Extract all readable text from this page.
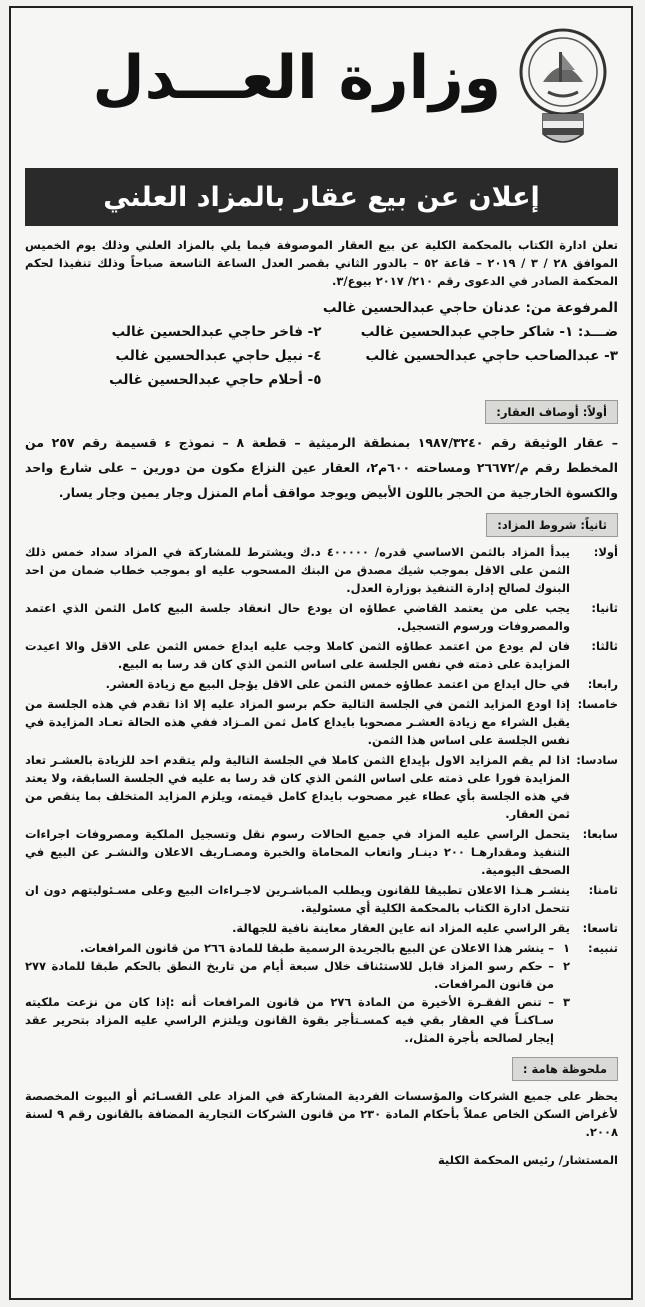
وزارة العـــدل
إعلان عن بيع عقار بالمزاد العلني

تعلن ادارة الكتاب بالمحكمة الكلية عن بيع العقار الموصوفة فيما يلي بالمزاد العلني وذلك يوم الخميس الموافق ٢٨ / ٣ / ٢٠١٩ – قاعة ٥٢ – بالدور الثاني بقصر العدل الساعة التاسعة صباحاً وذلك تنفيذا لحكم المحكمة الصادر في الدعوى رقم ٢١٠/ ٢٠١٧ بيوع/٣.

المرفوعة من: عدنان حاجي عبدالحسين غالب
ضـــد: ١- شاكر حاجي عبدالحسين غالب
٢- فاخر حاجي عبدالحسين غالب
٣- عبدالصاحب حاجي عبدالحسين غالب
٤- نبيل حاجي عبدالحسين غالب
٥- أحلام حاجي عبدالحسين غالب
أولاً: أوصاف العقار:

– عقار الوثيقة رقم ١٩٨٧/٣٢٤٠ بمنطقة الرميثية – قطعة ٨ – نموذج ء قسيمة رقم ٢٥٧ من المخطط رقم م/٢٦٦٧٢ ومساحته ٦٠٠م٢، العقار عين النزاع مكون من دورين – على شارع واحد والكسوة الخارجية من الحجر باللون الأبيض ويوجد مواقف أمام المنزل وجار يمين وجار يسار.

ثانياً: شروط المزاد:
أولا:
يبدأ المزاد بالثمن الاساسي قدره/ ٤٠٠٠٠٠ د.ك ويشترط للمشاركة في المزاد سداد خمس ذلك الثمن على الاقل بموجب شيك مصدق من البنك المسحوب عليه او بموجب خطاب ضمان من احد البنوك لصالح إدارة التنفيذ بوزارة العدل.
ثانيا:
يجب على من يعتمد القاضي عطاؤه ان يودع حال انعقاد جلسة البيع كامل الثمن الذي اعتمد والمصروفات ورسوم التسجيل.
ثالثا:
فان لم يودع من اعتمد عطاؤه الثمن كاملا وجب عليه ايداع خمس الثمن على الاقل والا اعيدت المزايدة على ذمته في نفس الجلسة على اساس الثمن الذي كان قد رسا به البيع.
رابعا:
في حال ايداع من اعتمد عطاؤه خمس الثمن على الاقل يؤجل البيع مع زيادة العشر.
خامسا:
إذا اودع المزايد الثمن في الجلسة التالية حكم برسو المزاد عليه إلا اذا تقدم في هذه الجلسة من يقبل الشراء مع زيادة العشـر مصحوبا بايداع كامل ثمن المـزاد ففي هذه الحالة تعـاد المزايدة في نفس الجلسة على اساس هذا الثمن.
سادسا:
اذا لم يقم المزايد الاول بإيداع الثمن كاملا في الجلسة التالية ولم يتقدم احد للزيادة بالعشـر تعاد المزايدة فورا على ذمته على اساس الثمن الذي كان قد رسا به عليه في الجلسة السابقة، ولا يعتد في هذه الجلسة بأي عطاء غير مصحوب بايداع كامل قيمته، ويلزم المزايد المتخلف بما ينقص من ثمن العقار.
سابعا:
يتحمل الراسي عليه المزاد في جميع الحالات رسوم نقل وتسجيل الملكية ومصروفات اجراءات التنفيذ ومقدارهـا ٢٠٠ دينـار واتعاب المحاماة والخبرة ومصـاريف الاعلان والنشـر عن البيع في الصحف اليومية.
ثامنا:
ينشـر هـذا الاعلان تطبيقا للقانون ويطلب المباشـرين لاجـراءات البيع وعلى مسـئوليتهم دون ان تتحمل ادارة الكتاب بالمحكمة الكلية أي مسئولية.
تاسعا:
يقر الراسي عليه المزاد انه عاين العقار معاينة نافية للجهالة.
تنبيه:
١
– ينشر هذا الاعلان عن البيع بالجريدة الرسمية طبقا للمادة ٢٦٦ من قانون المرافعات.
٢
– حكم رسو المزاد قابل للاستئناف خلال سبعة أيام من تاريخ النطق بالحكم طبقا للمادة ٢٧٧ من قانون المرافعات.
٣
– تنص الفقـرة الأخيرة من المادة ٢٧٦ من قانون المرافعات أنه :إذا كان من نزعت ملكيته سـاكنـاً في العقار بقي فيه كمسـتأجر بقوة القانون ويلتزم الراسي عليه المزاد بتحرير عقد إيجار لصالحه بأجرة المثل،.
ملحوظة هامة :

يحظر على جميع الشركات والمؤسسات الفردية المشاركة في المزاد على القسـائم أو البيوت المخصصة لأغراض السكن الخاص عملاً بأحكام المادة ٢٣٠ من قانون الشركات التجارية المضافة بالقانون رقم ٩ لسنة ٢٠٠٨.

المستشار/ رئيس المحكمة الكلية
